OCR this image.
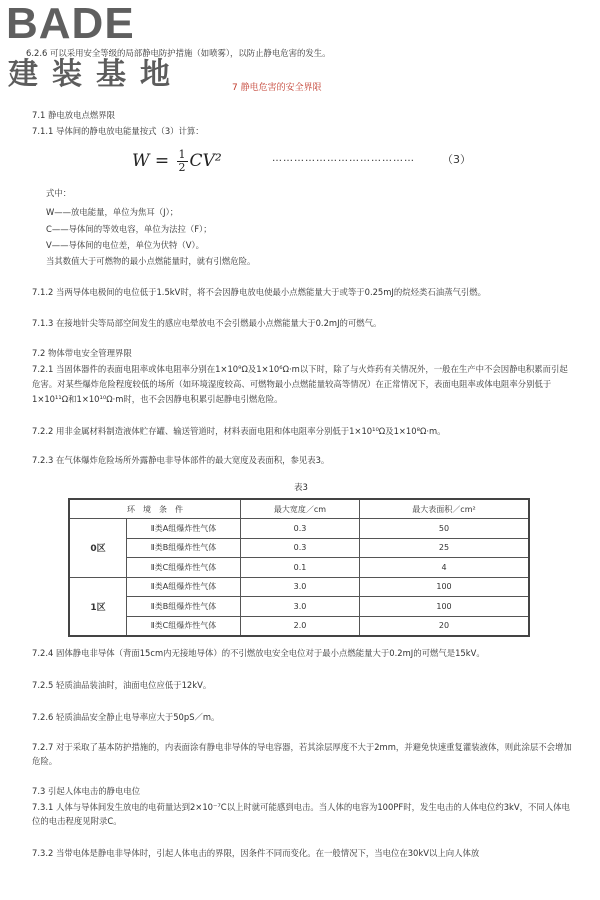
BADE
建装基地
6.2.6 可以采用安全等级的局部静电防护措施（如喷雾），以防止静电危害的发生。
7 静电危害的安全界限
7.1 静电放电点燃界限
7.1.1 导体间的静电放电能量按式（3）计算：
$W = \frac{1}{2} CV^2$	………………………………… （3）
式中：
W——放电能量，单位为焦耳（J）；
C——导体间的等效电容，单位为法拉（F）；
V——导体间的电位差，单位为伏特（V）。
当其数值大于可燃物的最小点燃能量时，就有引燃危险。
7.1.2 当两导体电极间的电位低于1.5kV时，将不会因静电放电使最小点燃能量大于或等于0.25mJ的烷烃类石油蒸气引燃。
7.1.3 在接地针尖等局部空间发生的感应电晕放电不会引燃最小点燃能量大于0.2mJ的可燃气。
7.2 物体带电安全管理界限
7.2.1 当固体器件的表面电阻率或体电阻率分别在1×10⁹Ω及1×10⁶Ω·m以下时，除了与火炸药有关情况外，一般在生产中不会因静电积累而引起危害。对某些爆炸危险程度较低的场所（如环境湿度较高、可燃物最小点燃能量较高等情况）在正常情况下，表面电阻率或体电阻率分别低于1×10¹¹Ω和1×10¹⁰Ω·m时，也不会因静电积累引起静电引燃危险。
7.2.2 用非金属材料制造液体贮存罐、输送管道时，材料表面电阻和体电阻率分别低于1×10¹⁰Ω及1×10⁸Ω·m。
7.2.3 在气体爆炸危险场所外露静电非导体部件的最大宽度及表面积，参见表3。
表3
环　境　条　件		最大宽度／cm	最大表面积／cm²
0区	Ⅱ类A组爆炸性气体	0.3	50
	Ⅱ类B组爆炸性气体	0.3	25
	Ⅱ类C组爆炸性气体	0.1	4
1区	Ⅱ类A组爆炸性气体	3.0	100
	Ⅱ类B组爆炸性气体	3.0	100
	Ⅱ类C组爆炸性气体	2.0	20
7.2.4 固体静电非导体（背面15cm内无接地导体）的不引燃放电安全电位对于最小点燃能量大于0.2mJ的可燃气是15kV。
7.2.5 轻质油品装油时，油面电位应低于12kV。
7.2.6 轻质油品安全静止电导率应大于50pS／m。
7.2.7 对于采取了基本防护措施的，内表面涂有静电非导体的导电容器，若其涂层厚度不大于2mm，并避免快速重复灌装液体，则此涂层不会增加危险。
7.3 引起人体电击的静电电位
7.3.1 人体与导体间发生放电的电荷量达到2×10⁻⁷C以上时就可能感到电击。当人体的电容为100PF时，发生电击的人体电位约3kV，不同人体电位的电击程度见附录C。
7.3.2 当带电体是静电非导体时，引起人体电击的界限，因条件不同而变化。在一般情况下，当电位在30kV以上向人体放
